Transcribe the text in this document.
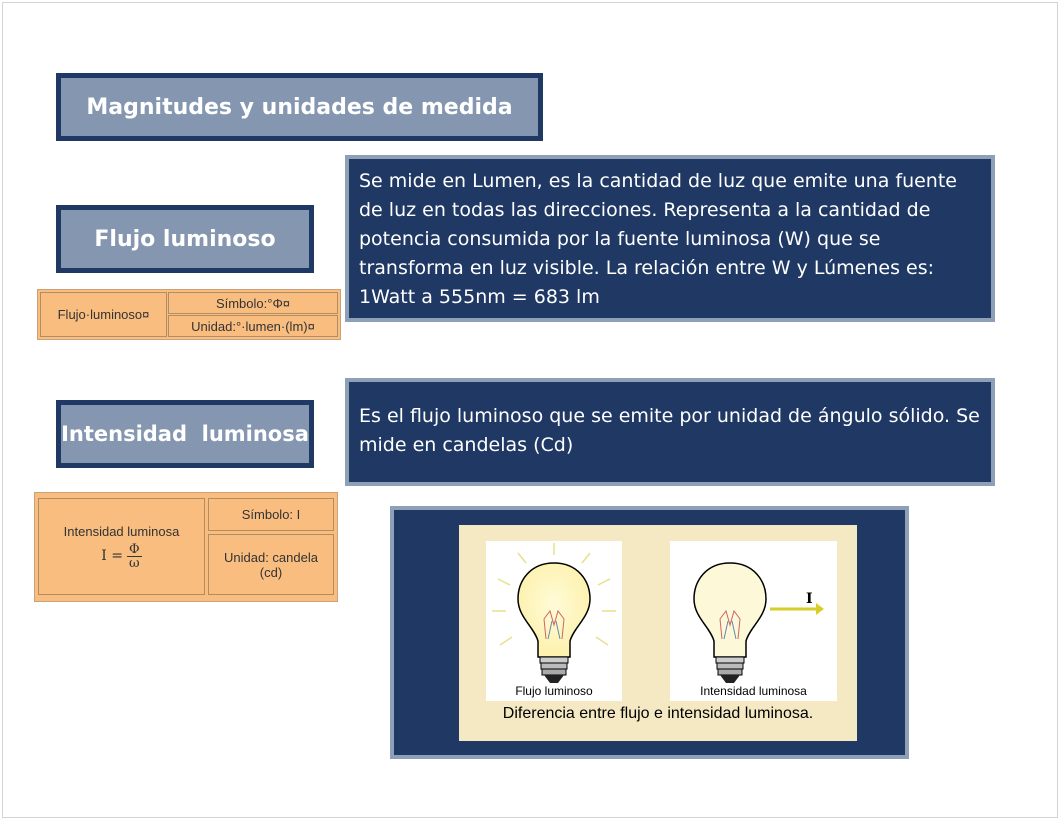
Magnitudes y unidades de medida
Flujo luminoso
Se mide en Lumen, es la cantidad de luz que emite una fuente de luz en todas las direcciones. Representa a la cantidad de potencia consumida por la fuente luminosa (W) que se transforma en luz visible. La relación entre W y Lúmenes es: 1Watt a 555nm = 683 lm
Flujo·luminoso¤
Símbolo:°Φ¤
Unidad:°·lumen·(lm)¤
Intensidad  luminosa
Es el flujo luminoso que se emite por unidad de ángulo sólido. Se mide en candelas (Cd)
Intensidad luminosa
$I = \frac{\Phi}{\omega}$
Símbolo: I
Unidad: candela (cd)
Flujo luminoso
I
Intensidad luminosa
Diferencia entre flujo e intensidad luminosa.
